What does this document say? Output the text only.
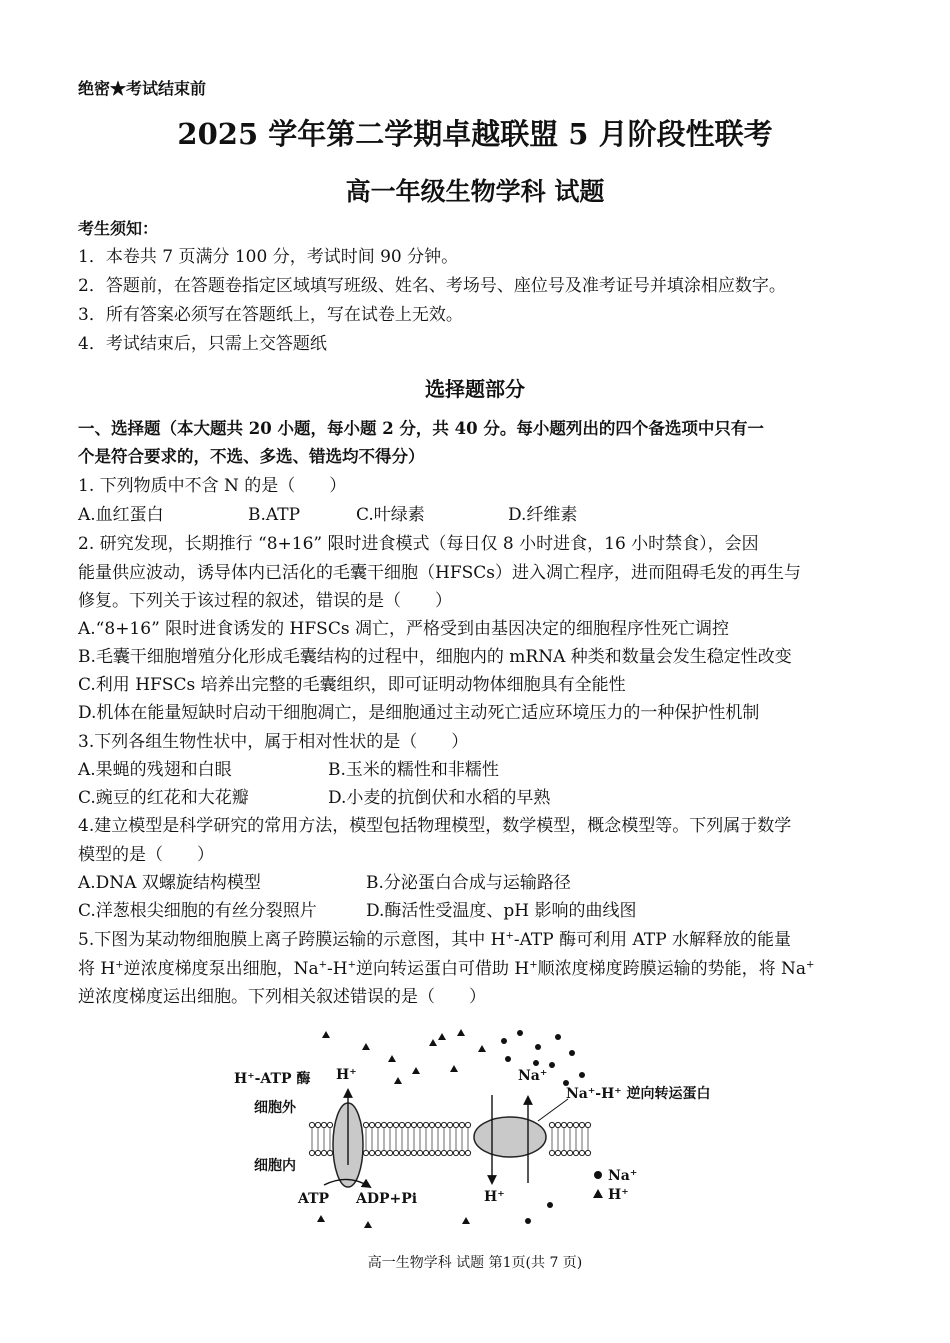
绝密★考试结束前
2025 学年第二学期卓越联盟 5 月阶段性联考
高一年级生物学科 试题
考生须知：
1．本卷共 7 页满分 100 分，考试时间 90 分钟。
2．答题前，在答题卷指定区域填写班级、姓名、考场号、座位号及准考证号并填涂相应数字。
3．所有答案必须写在答题纸上，写在试卷上无效。
4．考试结束后，只需上交答题纸
选择题部分
一、选择题（本大题共 20 小题，每小题 2 分，共 40 分。每小题列出的四个备选项中只有一
个是符合要求的，不选、多选、错选均不得分）
1. 下列物质中不含 N 的是（　　）
A.血红蛋白	B.ATP	C.叶绿素	D.纤维素
2. 研究发现，长期推行 “8+16” 限时进食模式（每日仅 8 小时进食，16 小时禁食），会因
能量供应波动，诱导体内已活化的毛囊干细胞（HFSCs）进入凋亡程序，进而阻碍毛发的再生与
修复。下列关于该过程的叙述，错误的是（　　）
A.“8+16” 限时进食诱发的 HFSCs 凋亡，严格受到由基因决定的细胞程序性死亡调控
B.毛囊干细胞增殖分化形成毛囊结构的过程中，细胞内的 mRNA 种类和数量会发生稳定性改变
C.利用 HFSCs 培养出完整的毛囊组织，即可证明动物体细胞具有全能性
D.机体在能量短缺时启动干细胞凋亡，是细胞通过主动死亡适应环境压力的一种保护性机制
3.下列各组生物性状中，属于相对性状的是（　　）
A.果蝇的残翅和白眼	B.玉米的糯性和非糯性
C.豌豆的红花和大花瓣	D.小麦的抗倒伏和水稻的早熟
4.建立模型是科学研究的常用方法，模型包括物理模型，数学模型，概念模型等。下列属于数学
模型的是（　　）
A.DNA 双螺旋结构模型	B.分泌蛋白合成与运输路径
C.洋葱根尖细胞的有丝分裂照片	D.酶活性受温度、pH 影响的曲线图
5.下图为某动物细胞膜上离子跨膜运输的示意图，其中 H+-ATP 酶可利用 ATP 水解释放的能量
将 H+逆浓度梯度泵出细胞，Na+-H+逆向转运蛋白可借助 H+顺浓度梯度跨膜运输的势能，将 Na+
逆浓度梯度运出细胞。下列相关叙述错误的是（　　）
H⁺-ATP 酶
细胞外
细胞内
H⁺	Na⁺
Na⁺-H⁺ 逆向转运蛋白
ATP ADP+Pi	H⁺
Na⁺
H⁺
高一生物学科 试题 第1页(共 7 页)
